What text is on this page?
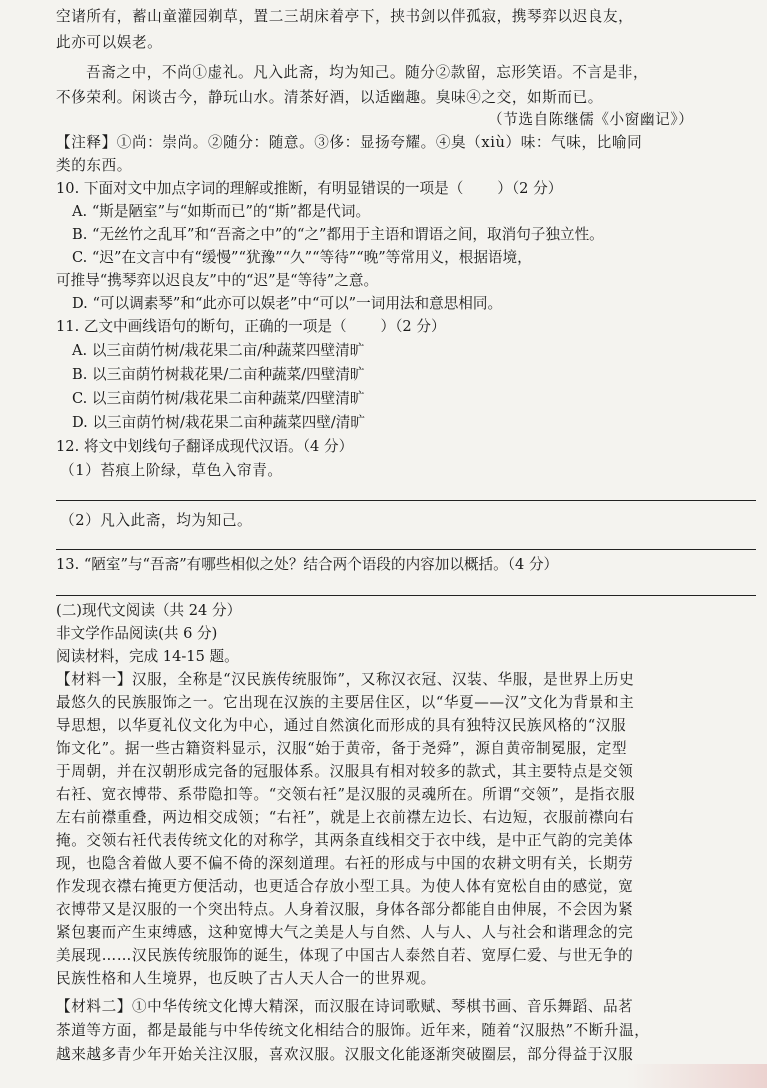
空诸所有，蓄山童灌园剃草，置二三胡床着亭下，挟书剑以伴孤寂，携琴弈以迟良友，
此亦可以娱老。
吾斋之中，不尚①虚礼。凡入此斋，均为知己。随分②款留，忘形笑语。不言是非，
不侈荣利。闲谈古今，静玩山水。清茶好酒，以适幽趣。臭味④之交，如斯而已。
（节选自陈继儒《小窗幽记》）
【注释】①尚：崇尚。②随分：随意。③侈：显扬夸耀。④臭（xiù）味：气味，比喻同
类的东西。
10. 下面对文中加点字词的理解或推断，有明显错误的一项是（ ）（2 分）
A. “斯是陋室”与“如斯而已”的“斯”都是代词。
B. “无丝竹之乱耳”和“吾斋之中”的“之”都用于主语和谓语之间，取消句子独立性。
C. “迟”在文言中有“缓慢”“犹豫”“久”“等待”“晚”等常用义，根据语境，
可推导“携琴弈以迟良友”中的“迟”是“等待”之意。
D. “可以调素琴”和“此亦可以娱老”中“可以”一词用法和意思相同。
11. 乙文中画线语句的断句，正确的一项是（ ）（2 分）
A. 以三亩荫竹树/栽花果二亩/种蔬菜四壁清旷
B. 以三亩荫竹树栽花果/二亩种蔬菜/四壁清旷
C. 以三亩荫竹树/栽花果二亩种蔬菜/四壁清旷
D. 以三亩荫竹树/栽花果二亩种蔬菜四壁/清旷
12. 将文中划线句子翻译成现代汉语。（4 分）
（1）苔痕上阶绿，草色入帘青。
（2）凡入此斋，均为知己。
13. “陋室”与“吾斋”有哪些相似之处？结合两个语段的内容加以概括。（4 分）
(二)现代文阅读（共 24 分）
非文学作品阅读(共 6 分)
阅读材料，完成 14-15 题。
【材料一】汉服，全称是“汉民族传统服饰”，又称汉衣冠、汉装、华服，是世界上历史
最悠久的民族服饰之一。它出现在汉族的主要居住区，以“华夏——汉”文化为背景和主
导思想，以华夏礼仪文化为中心，通过自然演化而形成的具有独特汉民族风格的“汉服
饰文化”。据一些古籍资料显示，汉服“始于黄帝，备于尧舜”，源自黄帝制冕服，定型
于周朝，并在汉朝形成完备的冠服体系。汉服具有相对较多的款式，其主要特点是交领
右衽、宽衣博带、系带隐扣等。“交领右衽”是汉服的灵魂所在。所谓“交领”，是指衣服
左右前襟重叠，两边相交成领；“右衽”，就是上衣前襟左边长、右边短，衣服前襟向右
掩。交领右衽代表传统文化的对称学，其两条直线相交于衣中线，是中正气韵的完美体
现，也隐含着做人要不偏不倚的深刻道理。右衽的形成与中国的农耕文明有关，长期劳
作发现衣襟右掩更方便活动，也更适合存放小型工具。为使人体有宽松自由的感觉，宽
衣博带又是汉服的一个突出特点。人身着汉服，身体各部分都能自由伸展，不会因为紧
紧包裹而产生束缚感，这种宽博大气之美是人与自然、人与人、人与社会和谐理念的完
美展现……汉民族传统服饰的诞生，体现了中国古人泰然自若、宽厚仁爱、与世无争的
民族性格和人生境界，也反映了古人天人合一的世界观。
【材料二】①中华传统文化博大精深，而汉服在诗词歌赋、琴棋书画、音乐舞蹈、品茗
茶道等方面，都是最能与中华传统文化相结合的服饰。近年来，随着“汉服热”不断升温，
越来越多青少年开始关注汉服，喜欢汉服。汉服文化能逐渐突破圈层，部分得益于汉服
